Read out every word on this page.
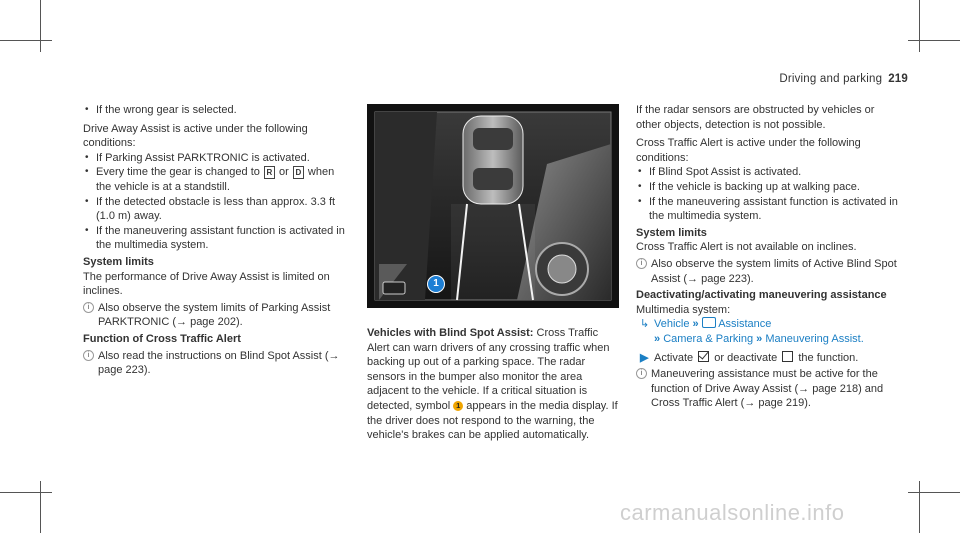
Driving and parking 219

• If the wrong gear is selected.

Drive Away Assist is active under the following conditions:

• If Parking Assist PARKTRONIC is activated.

• Every time the gear is changed to R or D when the vehicle is at a standstill.

• If the detected obstacle is less than approx. 3.3 ft (1.0 m) away.

• If the maneuvering assistant function is activated in the multimedia system.

System limits

The performance of Drive Away Assist is limited on inclines.

i Also observe the system limits of Parking Assist PARKTRONIC (→ page 202).

Function of Cross Traffic Alert

i Also read the instructions on Blind Spot Assist (→ page 223).

1

Vehicles with Blind Spot Assist: Cross Traffic Alert can warn drivers of any crossing traffic when backing up out of a parking space. The radar sensors in the bumper also monitor the area adjacent to the vehicle. If a critical situation is detected, symbol 1 appears in the media display. If the driver does not respond to the warning, the vehicle's brakes can be applied automatically.

If the radar sensors are obstructed by vehicles or other objects, detection is not possible.

Cross Traffic Alert is active under the following conditions:

• If Blind Spot Assist is activated.

• If the vehicle is backing up at walking pace.

• If the maneuvering assistant function is activated in the multimedia system.

System limits

Cross Traffic Alert is not available on inclines.

i Also observe the system limits of Active Blind Spot Assist (→ page 223).

Deactivating/activating maneuvering assistance

Multimedia system:

↳ Vehicle » Assistance

» Camera & Parking » Maneuvering Assist.

▶ Activate or deactivate the function.

i Maneuvering assistance must be active for the function of Drive Away Assist (→ page 218) and Cross Traffic Alert (→ page 219).

carmanualsonline.info
